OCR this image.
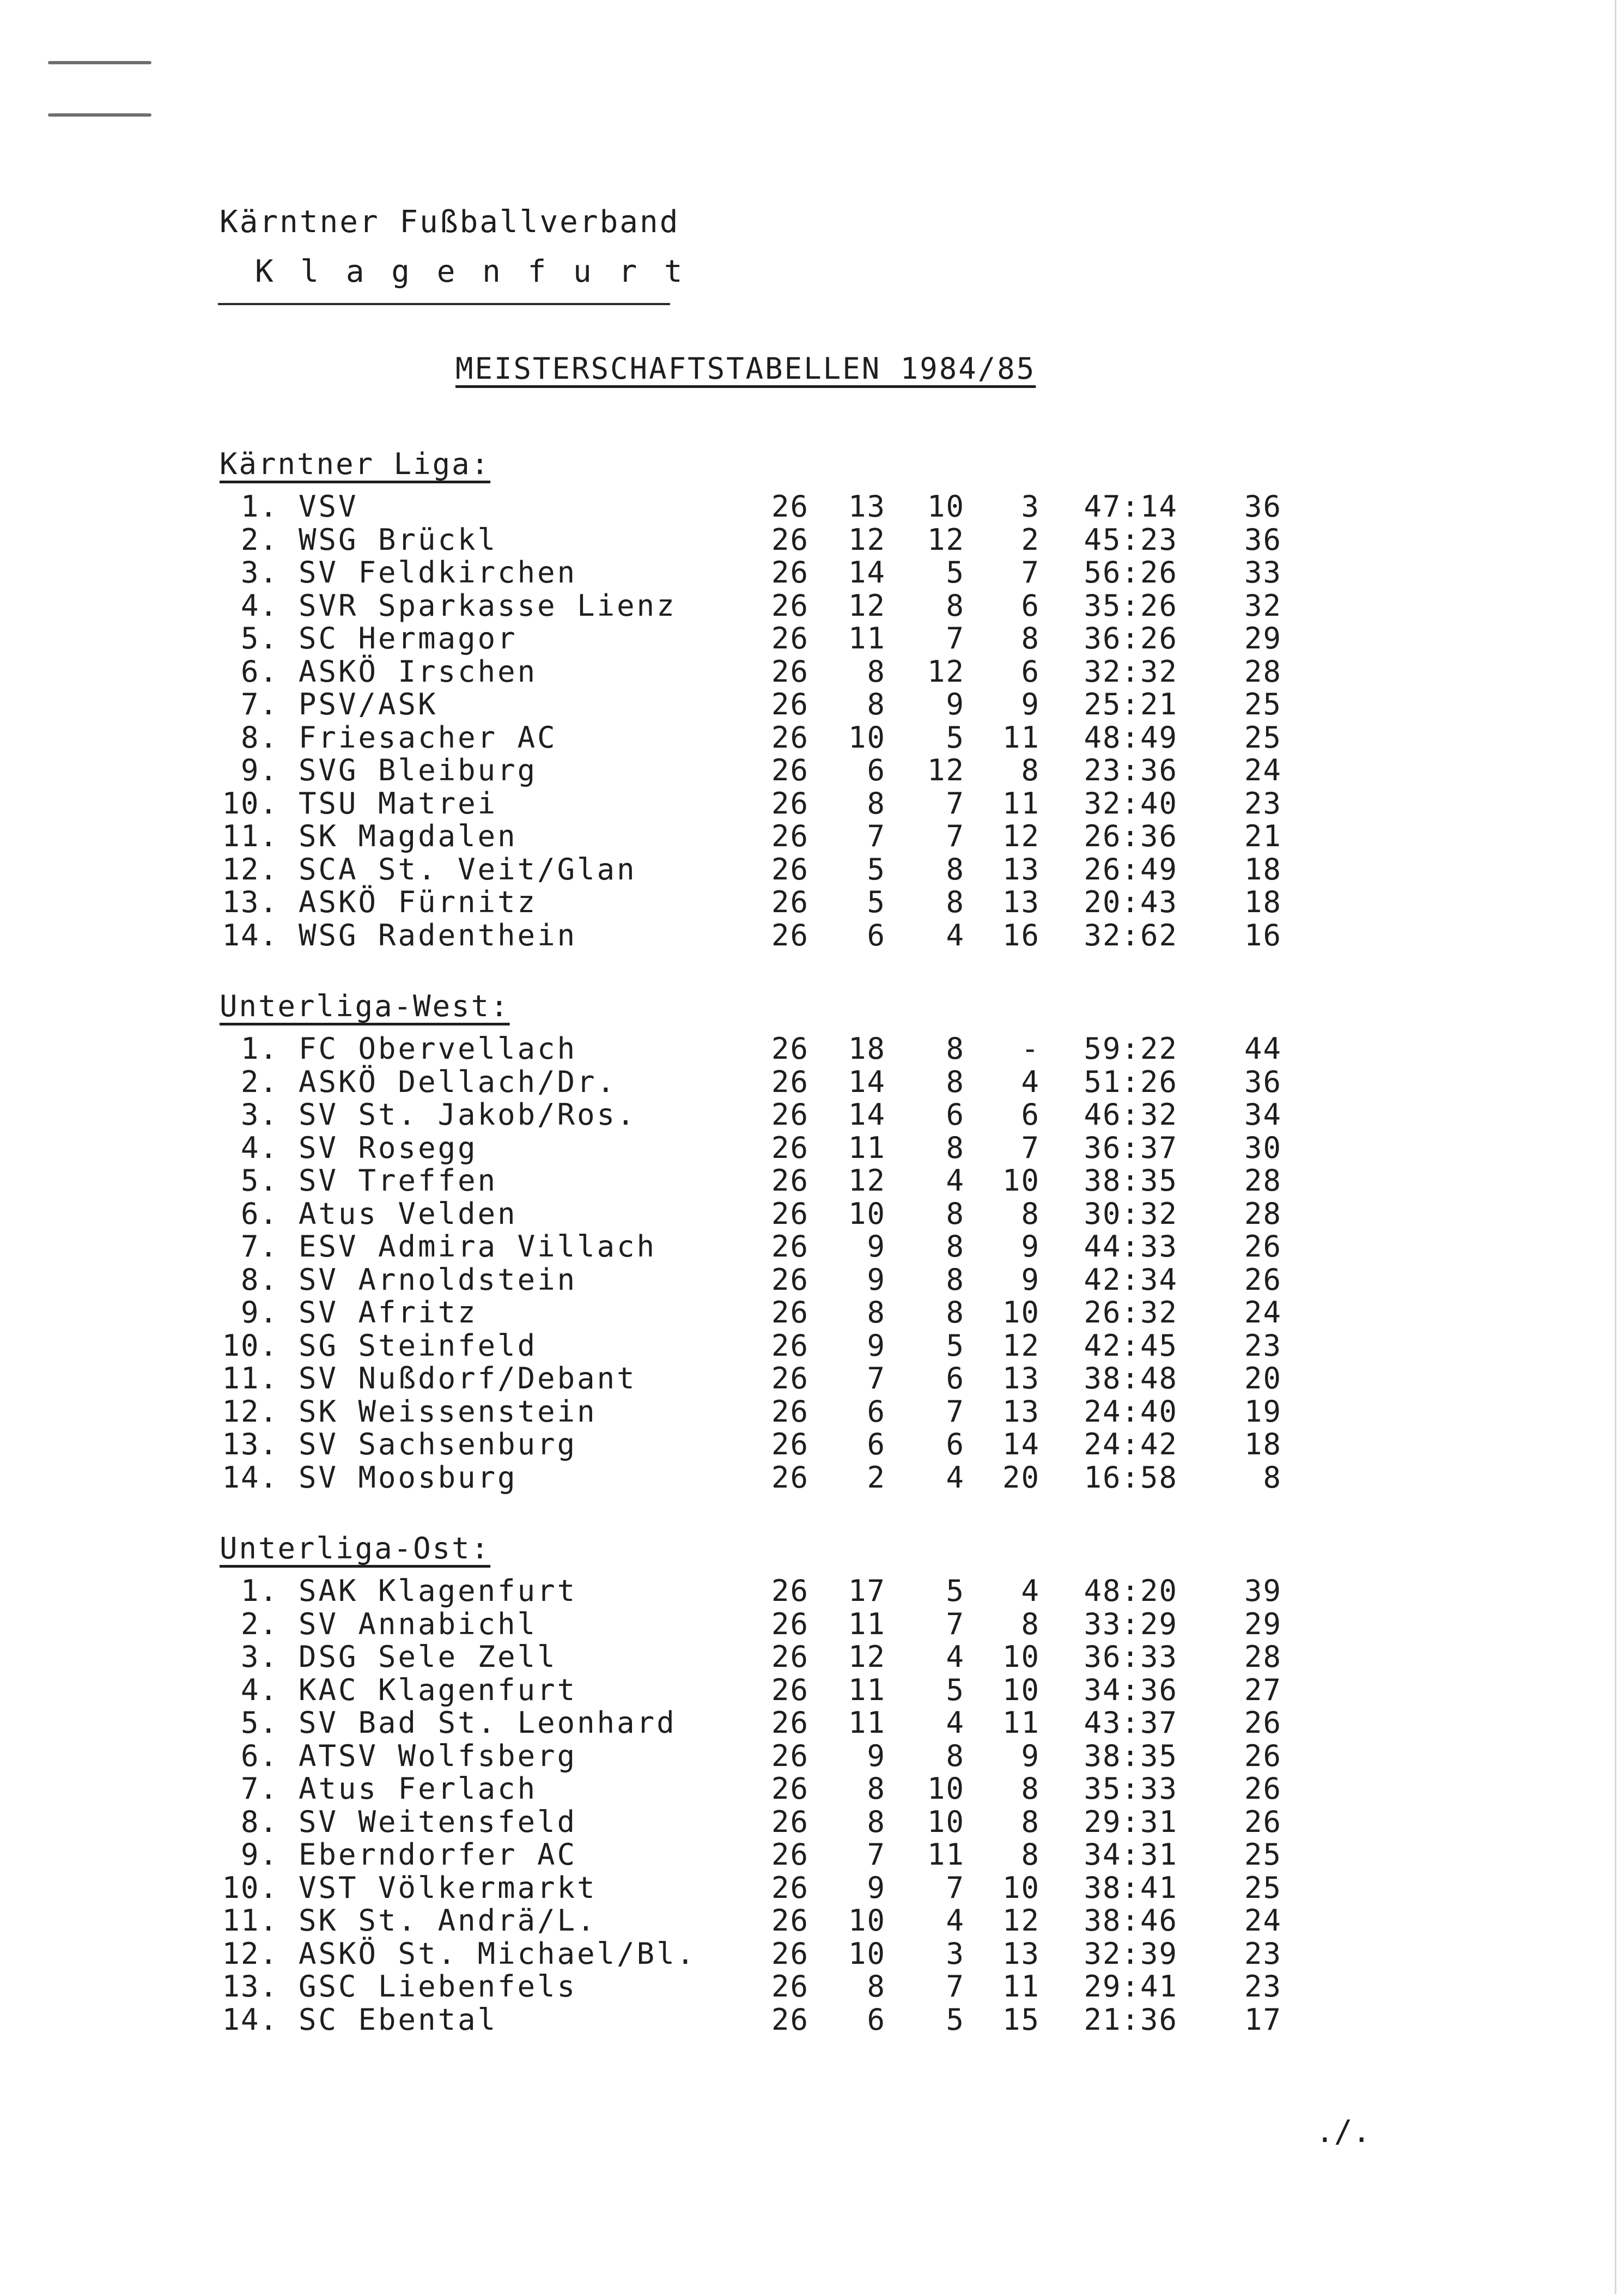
Kärntner Fußballverband
K l a g e n f u r t
MEISTERSCHAFTSTABELLEN 1984/85
Kärntner Liga:
1. VSV	26 13 10 3 47:14 36
2. WSG Brückl	26 12 12 2 45:23 36
3. SV Feldkirchen	26 14 5 7 56:26 33
4. SVR Sparkasse Lienz	26 12 8 6 35:26 32
5. SC Hermagor	26 11 7 8 36:26 29
6. ASKÖ Irschen	26 8 12 6 32:32 28
7. PSV/ASK	26 8 9 9 25:21 25
8. Friesacher AC	26 10 5 11 48:49 25
9. SVG Bleiburg	26 6 12 8 23:36 24
10. TSU Matrei	26 8 7 11 32:40 23
11. SK Magdalen	26 7 7 12 26:36 21
12. SCA St. Veit/Glan	26 5 8 13 26:49 18
13. ASKÖ Fürnitz	26 5 8 13 20:43 18
14. WSG Radenthein	26 6 4 16 32:62 16
Unterliga-West:
1. FC Obervellach	26 18 8 - 59:22 44
2. ASKÖ Dellach/Dr.	26 14 8 4 51:26 36
3. SV St. Jakob/Ros.	26 14 6 6 46:32 34
4. SV Rosegg	26 11 8 7 36:37 30
5. SV Treffen	26 12 4 10 38:35 28
6. Atus Velden	26 10 8 8 30:32 28
7. ESV Admira Villach	26 9 8 9 44:33 26
8. SV Arnoldstein	26 9 8 9 42:34 26
9. SV Afritz	26 8 8 10 26:32 24
10. SG Steinfeld	26 9 5 12 42:45 23
11. SV Nußdorf/Debant	26 7 6 13 38:48 20
12. SK Weissenstein	26 6 7 13 24:40 19
13. SV Sachsenburg	26 6 6 14 24:42 18
14. SV Moosburg	26 2 4 20 16:58	8
Unterliga-Ost:
1. SAK Klagenfurt	26 17 5 4 48:20 39
2. SV Annabichl	26 11 7 8 33:29 29
3. DSG Sele Zell	26 12 4 10 36:33 28
4. KAC Klagenfurt	26 11 5 10 34:36 27
5. SV Bad St. Leonhard	26 11 4 11 43:37 26
6. ATSV Wolfsberg	26 9 8 9 38:35 26
7. Atus Ferlach	26 8 10 8 35:33 26
8. SV Weitensfeld	26 8 10 8 29:31 26
9. Eberndorfer AC	26 7 11 8 34:31 25
10. VST Völkermarkt	26 9 7 10 38:41 25
11. SK St. Andrä/L.	26 10 4 12 38:46 24
12. ASKÖ St. Michael/Bl.	26 10 3 13 32:39 23
13. GSC Liebenfels	26 8 7 11 29:41 23
14. SC Ebental	26 6 5 15 21:36 17
./.
